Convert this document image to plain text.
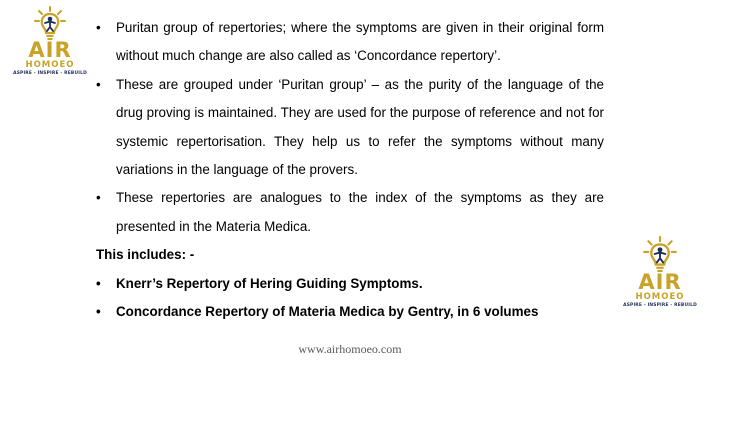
AIR
HOMOEO
ASPIRE - INSPIRE - REBUILD
AIR
HOMOEO
ASPIRE - INSPIRE - REBUILD
• Puritan group of repertories; where the symptoms are given in their original form without much change are also called as ‘Concordance repertory’.
• These are grouped under ‘Puritan group’ – as the purity of the language of the drug proving is maintained. They are used for the purpose of reference and not for systemic repertorisation. They help us to refer the symptoms without many variations in the language of the provers.
• These repertories are analogues to the index of the symptoms as they are presented in the Materia Medica.
This includes: -
• Knerr’s Repertory of Hering Guiding Symptoms.
• Concordance Repertory of Materia Medica by Gentry, in 6 volumes
www.airhomoeo.com
